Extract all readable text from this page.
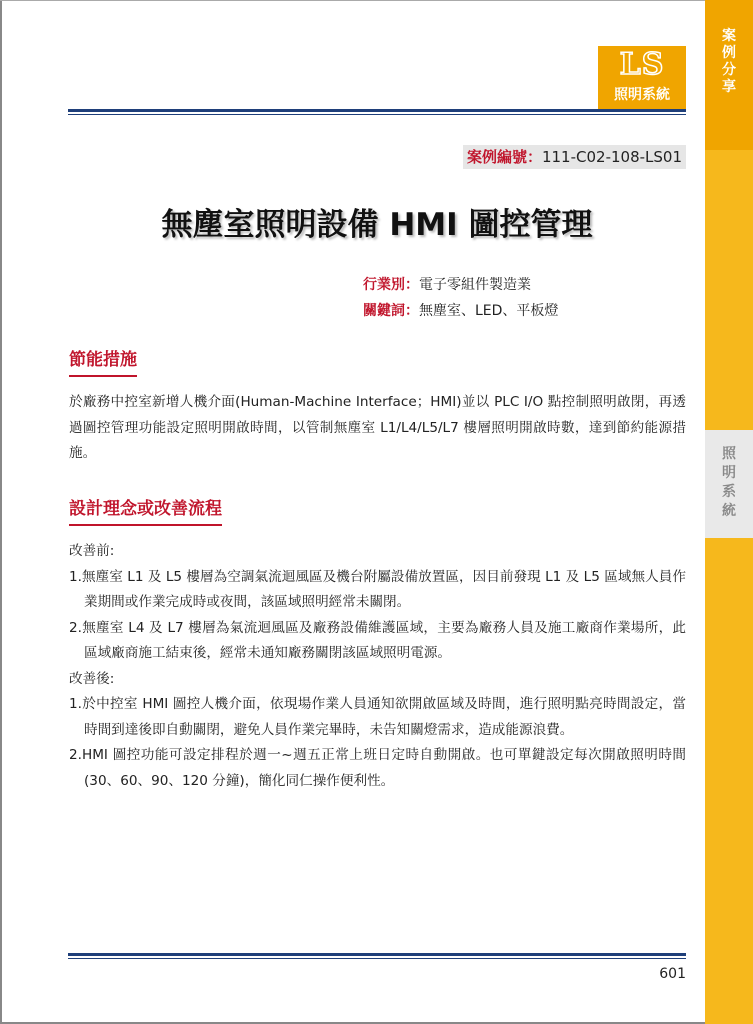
案
例
分
享
照
明
系
統
LS
照明系統
案例編號：111-C02-108-LS01
無塵室照明設備 HMI 圖控管理
行業別：電子零組件製造業
關鍵詞：無塵室、LED、平板燈
節能措施
於廠務中控室新增人機介面(Human-Machine Interface；HMI)並以 PLC I/O 點控制照明啟閉，再透過圖控管理功能設定照明開啟時間，以管制無塵室 L1/L4/L5/L7 樓層照明開啟時數，達到節約能源措施。
設計理念或改善流程
改善前:
1.無塵室 L1 及 L5 樓層為空調氣流迴風區及機台附屬設備放置區，因目前發現 L1 及 L5 區域無人員作業期間或作業完成時或夜間，該區域照明經常未關閉。
2.無塵室 L4 及 L7 樓層為氣流迴風區及廠務設備維護區域，主要為廠務人員及施工廠商作業場所，此區域廠商施工結束後，經常未通知廠務關閉該區域照明電源。
改善後:
1.於中控室 HMI 圖控人機介面，依現場作業人員通知欲開啟區域及時間，進行照明點亮時間設定，當時間到達後即自動關閉，避免人員作業完畢時，未告知關燈需求，造成能源浪費。
2.HMI 圖控功能可設定排程於週一~週五正常上班日定時自動開啟。也可單鍵設定每次開啟照明時間(30、60、90、120 分鐘)，簡化同仁操作便利性。
601
